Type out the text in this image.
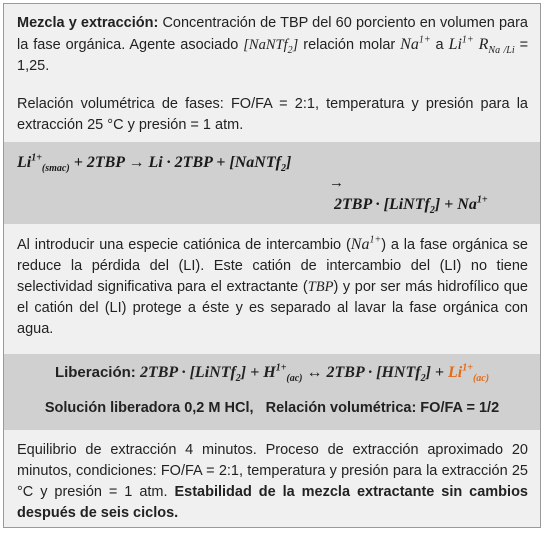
Mezcla y extracción: Concentración de TBP del 60 porciento en volumen para la fase orgánica. Agente asociado [NaNTf$_2$] relación molar $Na^{1+}$ a $Li^{1+}$ $R_{Na /Li} = 1,25$.
Relación volumétrica de fases: FO/FA = 2:1, temperatura y presión para la extracción 25 °C y presión = 1 atm.
$Li^{1+}_{(smac)} + 2TBP \to Li \cdot 2TBP$ + [NaNTf$_2$]
→
2TBP · [LiNTf$_2$] + $Na^{1+}$
Al introducir una especie catiónica de intercambio $(Na^{1+})$ a la fase orgánica se reduce la pérdida del (LI). Este catión de intercambio del (LI) no tiene selectividad significativa para el extractante (TBP) y por ser más hidrofílico que el catión del (LI) protege a éste y es separado al lavar la fase orgánica con agua.
Liberación: 2TBP · [LiNTf$_2$] + $H^{1+}_{(ac)}$ ↔ 2TBP · [HNTf$_2$] + $Li^{1+}_{(ac)}$
Solución liberadora 0,2 M HCl,   Relación volumétrica: FO/FA = 1/2
Equilibrio de extracción 4 minutos. Proceso de extracción aproximado 20 minutos, condiciones: FO/FA = 2:1, temperatura y presión para la extracción 25 °C y presión = 1 atm. Estabilidad de la mezcla extractante sin cambios después de seis ciclos.
